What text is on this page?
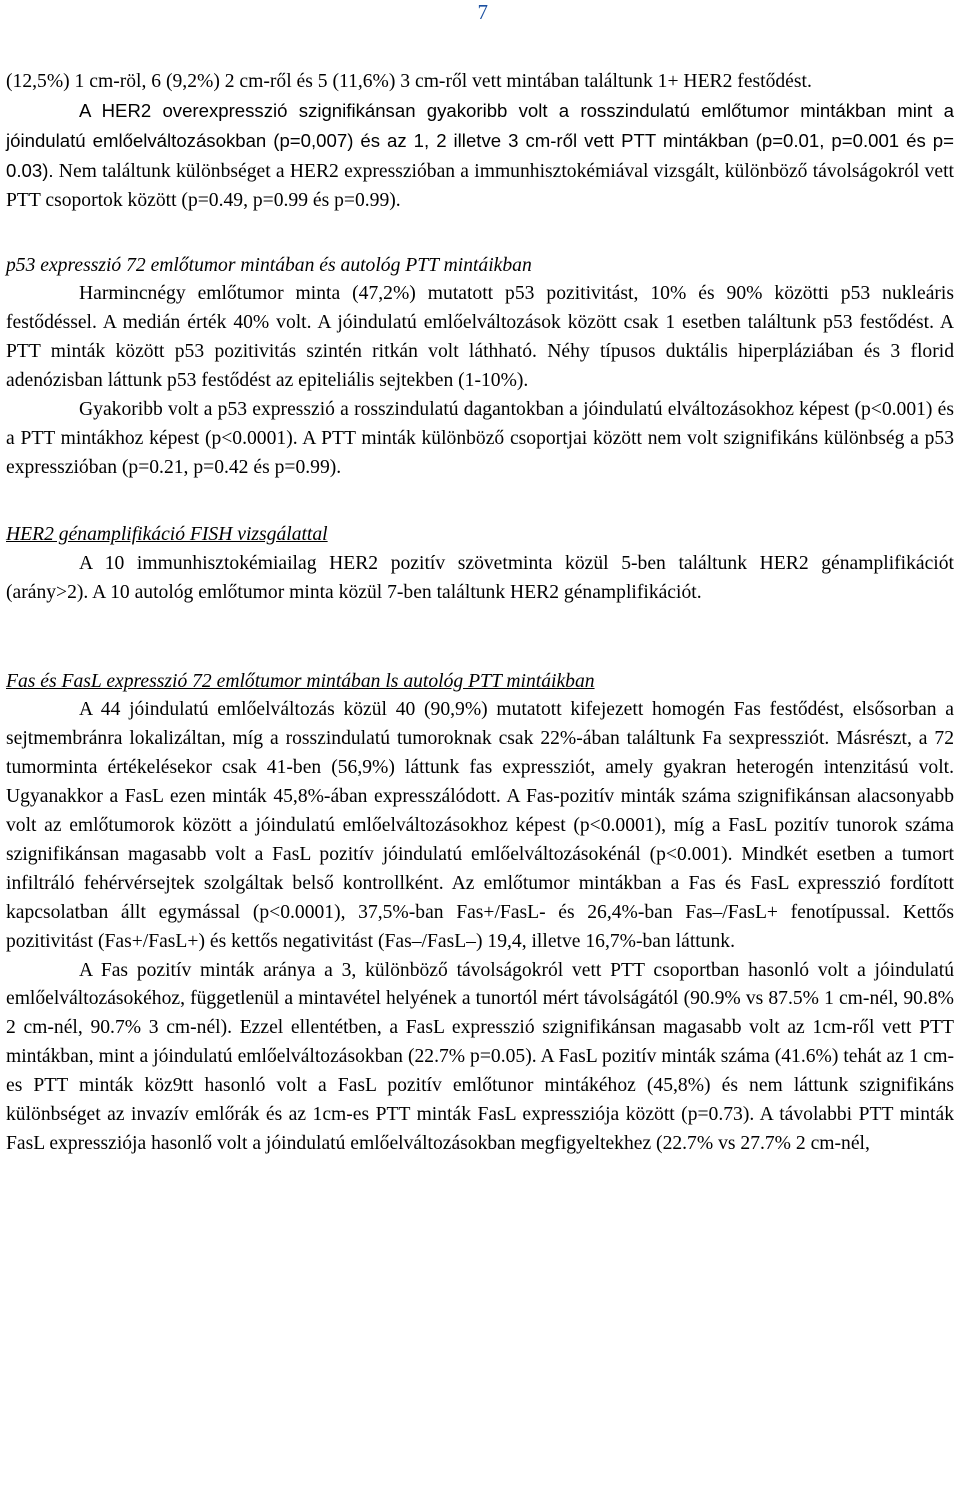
7

(12,5%) 1 cm-röl, 6 (9,2%) 2 cm-ről és 5 (11,6%) 3 cm-ről vett mintában találtunk 1+ HER2 festődést.

A HER2 overexpresszió szignifikánsan gyakoribb volt a rosszindulatú emlőtumor mintákban mint a jóindulatú emlőelváltozásokban (p=0,007) és az 1, 2 illetve 3 cm-ről vett PTT mintákban (p=0.01, p=0.001 és p= 0.03). Nem találtunk különbséget a HER2 expresszióban a immunhisztokémiával vizsgált, különböző távolságokról vett PTT csoportok között (p=0.49, p=0.99 és p=0.99).

p53 expresszió 72 emlőtumor mintában és autológ PTT mintáikban

Harmincnégy emlőtumor minta (47,2%) mutatott p53 pozitivitást, 10% és 90% közötti p53 nukleáris festődéssel. A medián érték 40% volt. A jóindulatú emlőelváltozások között csak 1 esetben találtunk p53 festődést. A PTT minták között p53 pozitivitás szintén ritkán volt láthható. Néhy típusos duktális hiperpláziában és 3 florid adenózisban láttunk p53 festődést az epiteliális sejtekben (1-10%).

Gyakoribb volt a p53 expresszió a rosszindulatú dagantokban a jóindulatú elváltozásokhoz képest (p<0.001) és a PTT mintákhoz képest (p<0.0001). A PTT minták különböző csoportjai között nem volt szignifikáns különbség a p53 expresszióban (p=0.21, p=0.42 és p=0.99).

HER2 génamplifikáció FISH vizsgálattal

A 10 immunhisztokémiailag HER2 pozitív szövetminta közül 5-ben találtunk HER2 génamplifikációt (arány>2). A 10 autológ emlőtumor minta közül 7-ben találtunk HER2 génamplifikációt.

Fas és FasL expresszió 72 emlőtumor mintában ls autológ PTT mintáikban

A 44 jóindulatú emlőelváltozás közül 40 (90,9%) mutatott kifejezett homogén Fas festődést, elsősorban a sejtmembránra lokalizáltan, míg a rosszindulatú tumoroknak csak 22%-ában találtunk Fa sexpressziót. Másrészt, a 72 tumorminta értékelésekor csak 41-ben (56,9%) láttunk fas expressziót, amely gyakran heterogén intenzitású volt. Ugyanakkor a FasL ezen minták 45,8%-ában expresszálódott. A Fas-pozitív minták száma szignifikánsan alacsonyabb volt az emlőtumorok között a jóindulatú emlőelváltozásokhoz képest (p<0.0001), míg a FasL pozitív tunorok száma szignifikánsan magasabb volt a FasL pozitív jóindulatú emlőelváltozásokénál (p<0.001). Mindkét esetben a tumort infiltráló fehérvérsejtek szolgáltak belső kontrollként. Az emlőtumor mintákban a Fas és FasL expresszió fordított kapcsolatban állt egymással (p<0.0001), 37,5%-ban Fas+/FasL- és 26,4%-ban Fas–/FasL+ fenotípussal. Kettős pozitivitást (Fas+/FasL+) és kettős negativitást (Fas–/FasL–) 19,4, illetve 16,7%-ban láttunk.

A Fas pozitív minták aránya a 3, különböző távolságokról vett PTT csoportban hasonló volt a jóindulatú emlőelváltozásokéhoz, függetlenül a mintavétel helyének a tunortól mért távolságától (90.9% vs 87.5% 1 cm-nél, 90.8% 2 cm-nél, 90.7% 3 cm-nél). Ezzel ellentétben, a FasL expresszió szignifikánsan magasabb volt az 1cm-ről vett PTT mintákban, mint a jóindulatú emlőelváltozásokban (22.7% p=0.05). A FasL pozitív minták száma (41.6%) tehát az 1 cm-es PTT minták köz9tt hasonló volt a FasL pozitív emlőtunor mintákéhoz (45,8%) és nem láttunk szignifikáns különbséget az invazív emlőrák és az 1cm-es PTT minták FasL expressziója között (p=0.73). A távolabbi PTT minták FasL expressziója hasonlő volt a jóindulatú emlőelváltozásokban megfigyeltekhez (22.7% vs 27.7% 2 cm-nél,
